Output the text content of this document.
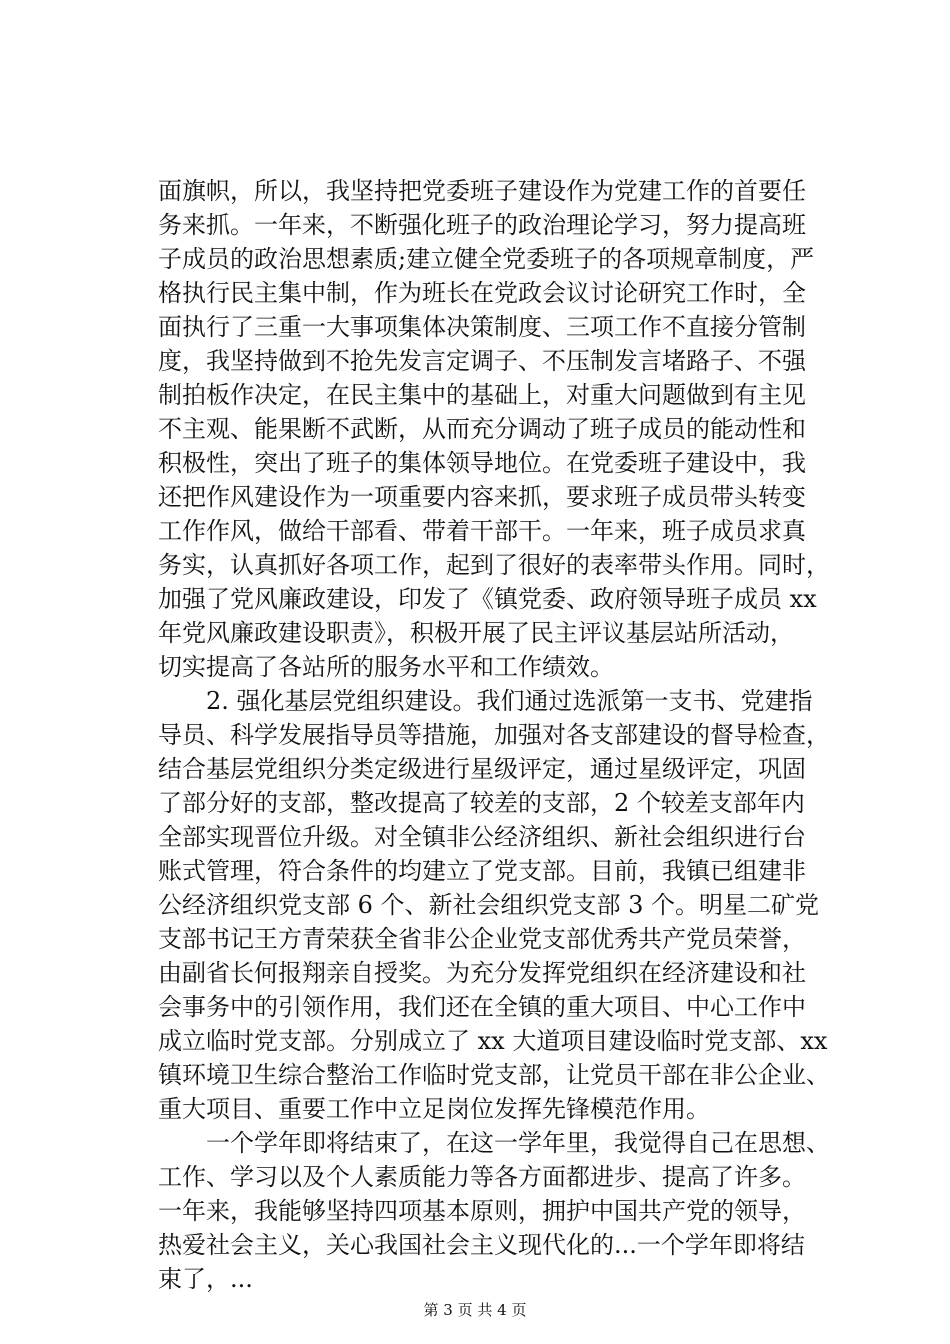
面旗帜，所以，我坚持把党委班子建设作为党建工作的首要任
务来抓。一年来，不断强化班子的政治理论学习，努力提高班
子成员的政治思想素质;建立健全党委班子的各项规章制度，严
格执行民主集中制，作为班长在党政会议讨论研究工作时，全
面执行了三重一大事项集体决策制度、三项工作不直接分管制
度，我坚持做到不抢先发言定调子、不压制发言堵路子、不强
制拍板作决定，在民主集中的基础上，对重大问题做到有主见
不主观、能果断不武断，从而充分调动了班子成员的能动性和
积极性，突出了班子的集体领导地位。在党委班子建设中，我
还把作风建设作为一项重要内容来抓，要求班子成员带头转变
工作作风，做给干部看、带着干部干。一年来，班子成员求真
务实，认真抓好各项工作，起到了很好的表率带头作用。同时，
加强了党风廉政建设，印发了《镇党委、政府领导班子成员 xx
年党风廉政建设职责》，积极开展了民主评议基层站所活动，
切实提高了各站所的服务水平和工作绩效。
　　2. 强化基层党组织建设。我们通过选派第一支书、党建指
导员、科学发展指导员等措施，加强对各支部建设的督导检查，
结合基层党组织分类定级进行星级评定，通过星级评定，巩固
了部分好的支部，整改提高了较差的支部，2 个较差支部年内
全部实现晋位升级。对全镇非公经济组织、新社会组织进行台
账式管理，符合条件的均建立了党支部。目前，我镇已组建非
公经济组织党支部 6 个、新社会组织党支部 3 个。明星二矿党
支部书记王方青荣获全省非公企业党支部优秀共产党员荣誉，
由副省长何报翔亲自授奖。为充分发挥党组织在经济建设和社
会事务中的引领作用，我们还在全镇的重大项目、中心工作中
成立临时党支部。分别成立了 xx 大道项目建设临时党支部、xx
镇环境卫生综合整治工作临时党支部，让党员干部在非公企业、
重大项目、重要工作中立足岗位发挥先锋模范作用。
　　一个学年即将结束了，在这一学年里，我觉得自己在思想、
工作、学习以及个人素质能力等各方面都进步、提高了许多。
一年来，我能够坚持四项基本原则，拥护中国共产党的领导，
热爱社会主义，关心我国社会主义现代化的...一个学年即将结
束了，...
第 3 页 共 4 页
